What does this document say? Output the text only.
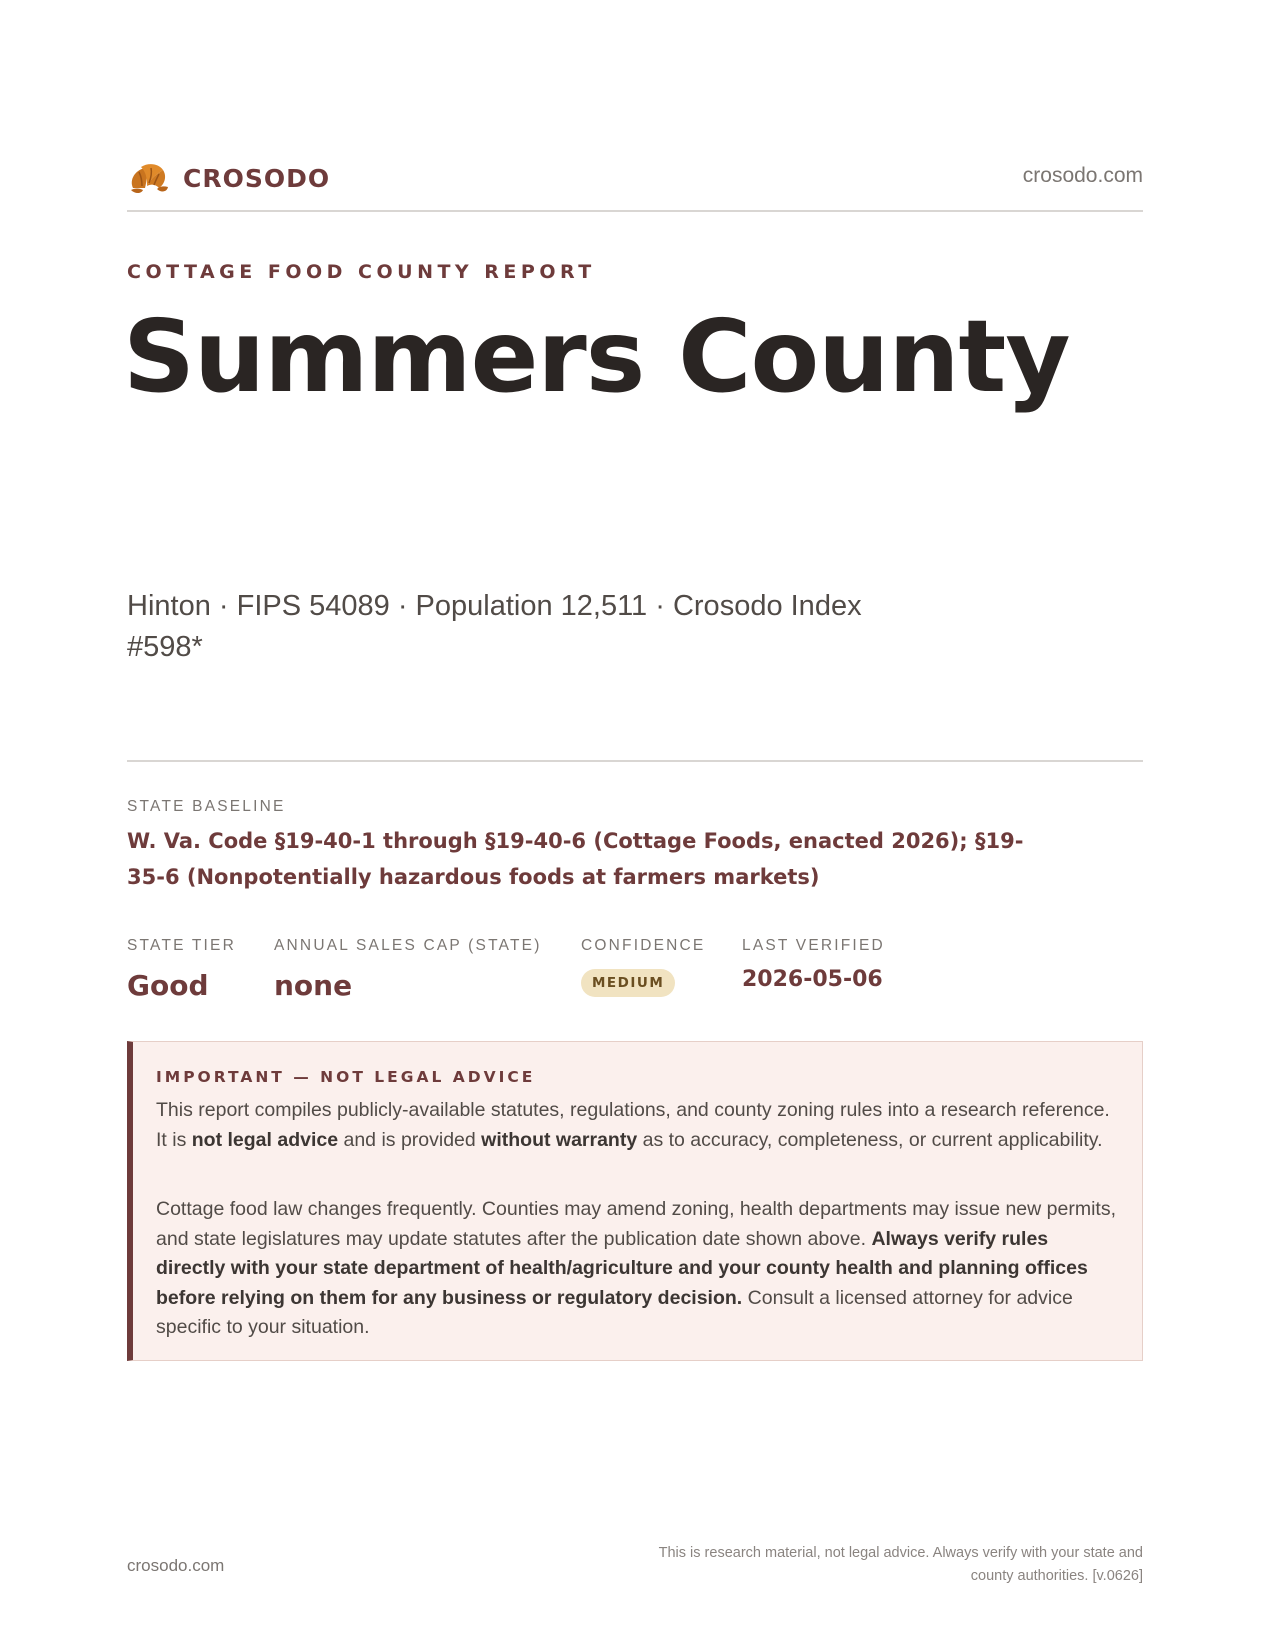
CROSODO	crosodo.com
COTTAGE FOOD COUNTY REPORT
Summers County
Hinton · FIPS 54089 · Population 12,511 · Crosodo Index #598*
STATE BASELINE
W. Va. Code §19-40-1 through §19-40-6 (Cottage Foods, enacted 2026); §19-35-6 (Nonpotentially hazardous foods at farmers markets)
STATE TIER
Good
ANNUAL SALES CAP (STATE)
none
CONFIDENCE
MEDIUM
LAST VERIFIED
2026-05-06
IMPORTANT — NOT LEGAL ADVICE

This report compiles publicly-available statutes, regulations, and county zoning rules into a research reference. It is not legal advice and is provided without warranty as to accuracy, completeness, or current applicability.

Cottage food law changes frequently. Counties may amend zoning, health departments may issue new permits, and state legislatures may update statutes after the publication date shown above. Always verify rules directly with your state department of health/agriculture and your county health and planning offices before relying on them for any business or regulatory decision. Consult a licensed attorney for advice specific to your situation.

crosodo.com
This is research material, not legal advice. Always verify with your state and county authorities. [v.0626]
